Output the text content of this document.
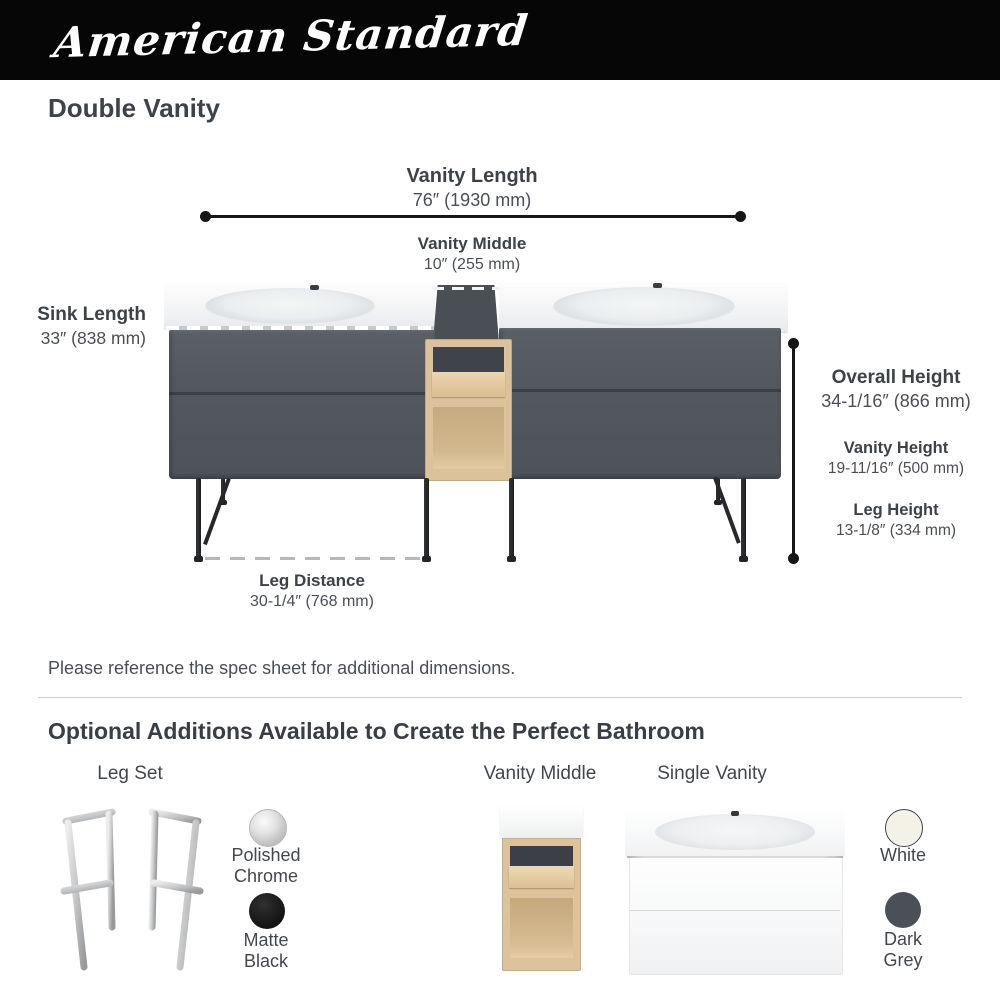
American Standard
Double Vanity
Vanity Length
76″ (1930 mm)
Vanity Middle
10″ (255 mm)
Sink Length
33″ (838 mm)
Overall Height
34-1/16″ (866 mm)
Vanity Height
19-11/16″ (500 mm)
Leg Height
13-1/8″ (334 mm)
Leg Distance
30-1/4″ (768 mm)
Please reference the spec sheet for additional dimensions.
Optional Additions Available to Create the Perfect Bathroom
Leg Set
Polished Chrome
Matte Black
Vanity Middle	Single Vanity
White
Dark Grey
